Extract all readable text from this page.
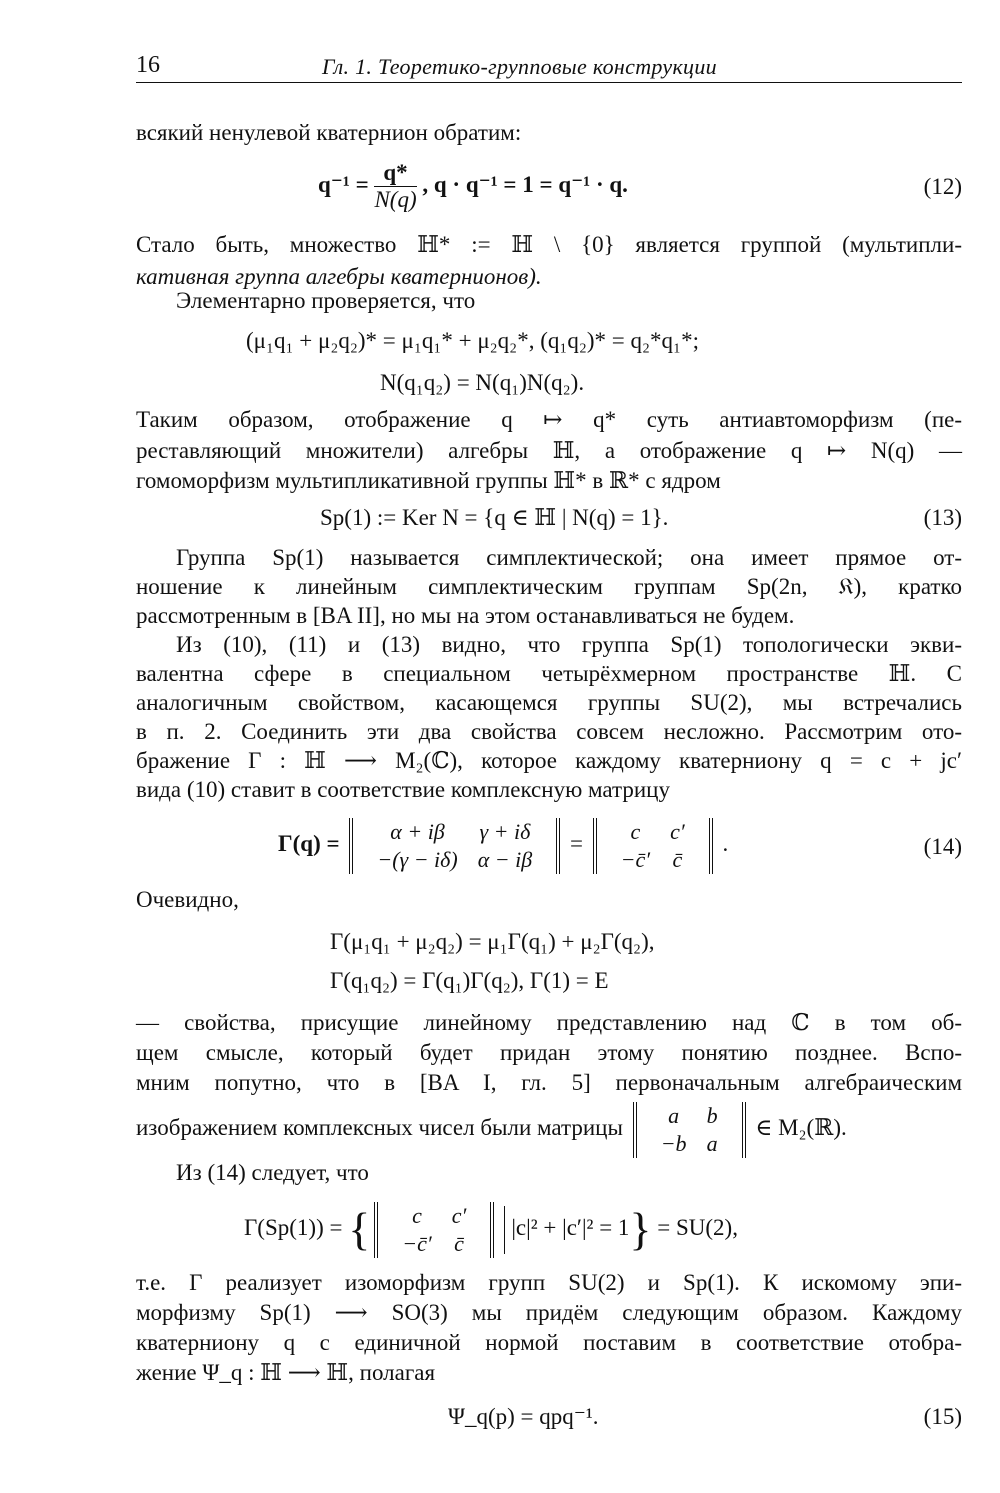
16	Гл. 1. Теоретико-групповые конструкции
всякий ненулевой кватернион обратим:
$q^{-1} = \frac{q*}{N(q)}$ , q · q⁻¹ = 1 = q⁻¹ · q.	(12)
Стало быть, множество ℍ* := ℍ \ {0} является группой (мультипли-
кативная группа алгебры кватернионов).
Элементарно проверяется, что
(μ₁q₁ + μ₂q₂)* = μ₁q₁* + μ₂q₂*, (q₁q₂)* = q₂*q₁*;
N(q₁q₂) = N(q₁)N(q₂).
Таким образом, отображение q ↦ q* суть антиавтоморфизм (пе-
реставляющий множители) алгебры ℍ, а отображение q ↦ N(q) —
гомоморфизм мультипликативной группы ℍ* в ℝ* с ядром
Sp(1) := Ker N = {q ∈ ℍ | N(q) = 1}.	(13)
Группа Sp(1) называется симплектической; она имеет прямое от-
ношение к линейным симплектическим группам Sp(2n, 𝔎), кратко
рассмотренным в [BA II], но мы на этом останавливаться не будем.
Из (10), (11) и (13) видно, что группа Sp(1) топологически экви-
валентна сфере в специальном четырёхмерном пространстве ℍ. С
аналогичным свойством, касающемся группы SU(2), мы встречались
в п. 2. Соединить эти два свойства совсем несложно. Рассмотрим ото-
бражение Γ : ℍ ⟶ M₂(ℂ), которое каждому кватерниону q = c + jc′
вида (10) ставит в соответствие комплексную матрицу
Γ(q) = α + iβ	γ + iδ
−(γ − iδ)	α − iβ
= c	c′
−c̄′	c̄
.	(14)
Очевидно,
Γ(μ₁q₁ + μ₂q₂) = μ₁Γ(q₁) + μ₂Γ(q₂),
Γ(q₁q₂) = Γ(q₁)Γ(q₂), Γ(1) = E
— свойства, присущие линейному представлению над ℂ в том об-
щем смысле, который будет придан этому понятию позднее. Вспо-
мним попутно, что в [BA I, гл. 5] первоначальным алгебраическим
изображением комплексных чисел были матрицы a	b
−b	a
∈ M₂(ℝ).
Из (14) следует, что
Γ(Sp(1)) = { c	c′
−c̄′	c̄
|c|² + |c′|² = 1} = SU(2),
т.е. Γ реализует изоморфизм групп SU(2) и Sp(1). К искомому эпи-
морфизму Sp(1) ⟶ SO(3) мы придём следующим образом. Каждому
кватерниону q с единичной нормой поставим в соответствие отобра-
жение Ψ_q : ℍ ⟶ ℍ, полагая
Ψ_q(p) = qpq⁻¹.	(15)
